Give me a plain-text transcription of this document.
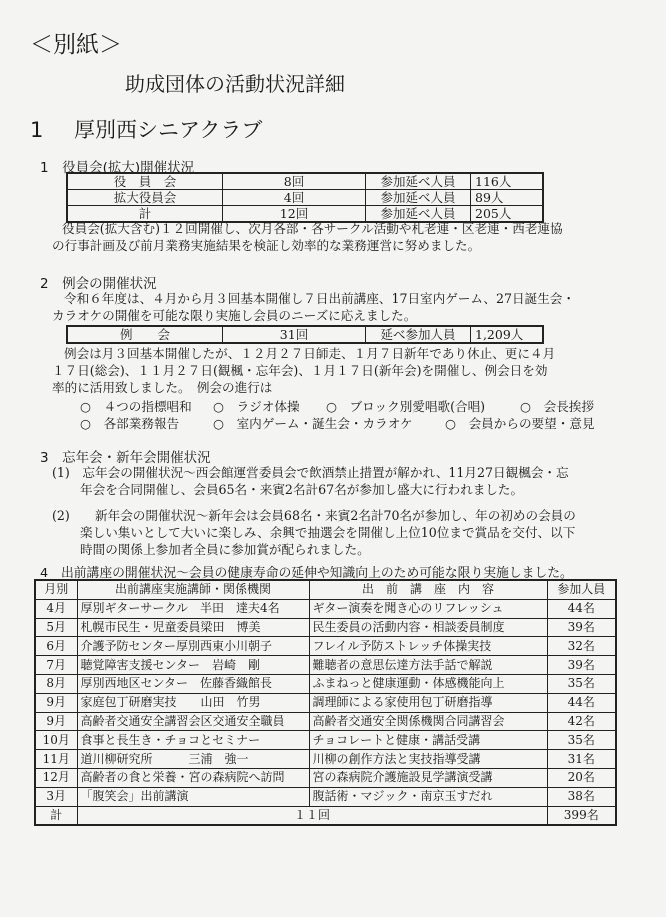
＜別紙＞
助成団体の活動状況詳細
1 厚別西シニアクラブ
1　役員会(拡大)開催状況
役　員　会	8回	参加延べ人員	116人
拡大役員会	4回	参加延べ人員	89人
計	12回	参加延べ人員	205人
役員会(拡大含む)１２回開催し、次月各部・各サークル活動や札老連・区老連・西老連協
の行事計画及び前月業務実施結果を検証し効率的な業務運営に努めました。
2　例会の開催状況
令和６年度は、４月から月３回基本開催し７日出前講座、17日室内ゲーム、27日誕生会・
カラオケの開催を可能な限り実施し会員のニーズに応えました。
例　　会	31回	延べ参加人員	1,209人
例会は月３回基本開催したが、１２月２７日師走、１月７日新年であり休止、更に４月
１７日(総会)、１１月２７日(観楓・忘年会)、１月１７日(新年会)を開催し、例会日を効
率的に活用致しました。　例会の進行は
○　４つの指標唱和 ○　ラジオ体操 ○　ブロック別愛唱歌(合唱)	○　会長挨拶
○　各部業務報告	○　室内ゲーム・誕生会・カラオケ	○　会員からの要望・意見
3　忘年会・新年会開催状況
(1)　忘年会の開催状況～西会館運営委員会で飲酒禁止措置が解かれ、11月27日観楓会・忘
年会を合同開催し、会員65名・来賓2名計67名が参加し盛大に行われました。
(2)　　新年会の開催状況～新年会は会員68名・来賓2名計70名が参加し、年の初めの会員の
楽しい集いとして大いに楽しみ、余興で抽選会を開催し上位10位まで賞品を交付、以下
時間の関係上参加者全員に参加賞が配られました。
4　出前講座の開催状況～会員の健康寿命の延伸や知識向上のため可能な限り実施しました。
月別	出前講座実施講師・関係機関	出　前　講　座　内　容	参加人員
4月	厚別ギターサークル　半田　達夫4名	ギター演奏を聞き心のリフレッシュ	44名
5月	札幌市民生・児童委員梁田　博美	民生委員の活動内容・相談委員制度	39名
6月	介護予防センター厚別西東小川朝子	フレイル予防ストレッチ体操実技	32名
7月	聴覚障害支援センター　岩崎　剛	難聴者の意思伝達方法手話で解説	39名
8月	厚別西地区センター　佐藤香織館長	ふまねっと健康運動・体感機能向上	35名
9月	家庭包丁研磨実技　　山田　竹男	調理師による家使用包丁研磨指導	44名
9月	高齢者交通安全講習会区交通安全職員	高齢者交通安全関係機関合同講習会	42名
10月	食事と長生き・チョコとセミナー	チョコレートと健康・講話受講	35名
11月	道川柳研究所　　　三浦　強一	川柳の創作方法と実技指導受講	31名
12月	高齢者の食と栄養・宮の森病院へ訪問	宮の森病院介護施設見学講演受講	20名
3月	「腹笑会」出前講演	腹話術・マジック・南京玉すだれ	38名
計	１１回		399名
